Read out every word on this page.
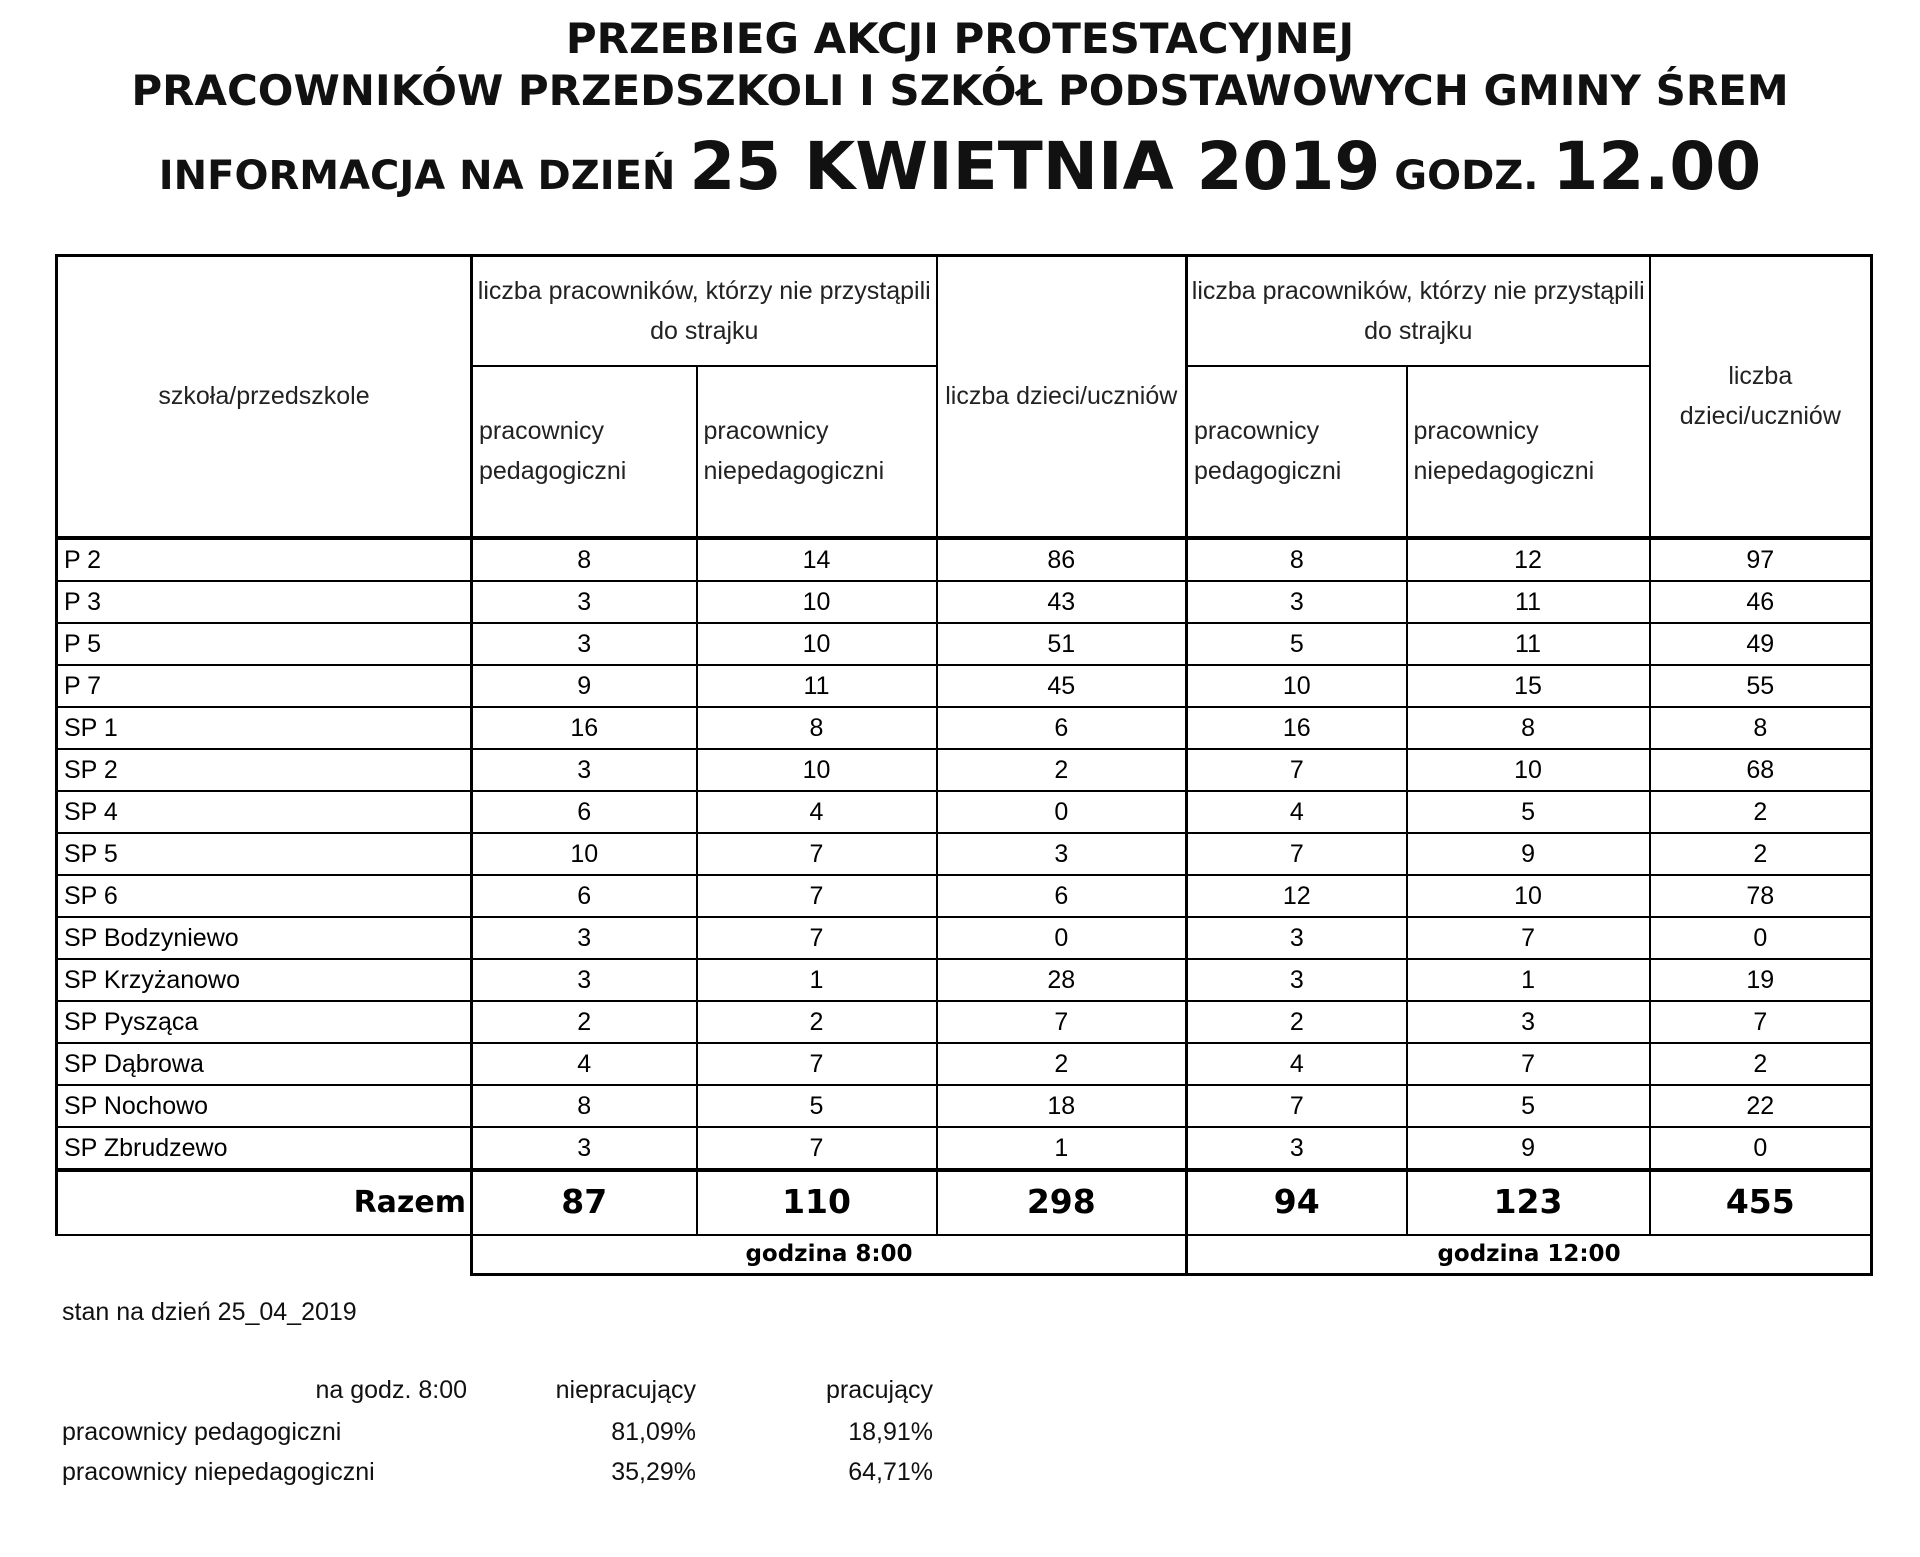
PRZEBIEG AKCJI PROTESTACYJNEJ
PRACOWNIKÓW PRZEDSZKOLI I SZKÓŁ PODSTAWOWYCH GMINY ŚREM
INFORMACJA NA DZIEŃ 25 KWIETNIA 2019 GODZ. 12.00
szkoła/przedszkole	liczba pracowników, którzy nie przystąpili do strajku		liczba dzieci/uczniów	liczba pracowników, którzy nie przystąpili do strajku		liczba dzieci/uczniów
	pracownicy pedagogiczni	pracownicy niepedagogiczni		pracownicy pedagogiczni	pracownicy niepedagogiczni	
P 2	8	14	86	8	12	97
P 3	3	10	43	3	11	46
P 5	3	10	51	5	11	49
P 7	9	11	45	10	15	55
SP 1	16	8	6	16	8	8
SP 2	3	10	2	7	10	68
SP 4	6	4	0	4	5	2
SP 5	10	7	3	7	9	2
SP 6	6	7	6	12	10	78
SP Bodzyniewo	3	7	0	3	7	0
SP Krzyżanowo	3	1	28	3	1	19
SP Pysząca	2	2	7	2	3	7
SP Dąbrowa	4	7	2	4	7	2
SP Nochowo	8	5	18	7	5	22
SP Zbrudzewo	3	7	1	3	9	0
Razem	87	110	298	94	123	455
	godzina 8:00			godzina 12:00		
stan na dzień 25_04_2019
na godz. 8:00	niepracujący	pracujący
pracownicy pedagogiczni	81,09%	18,91%
pracownicy niepedagogiczni	35,29%	64,71%
